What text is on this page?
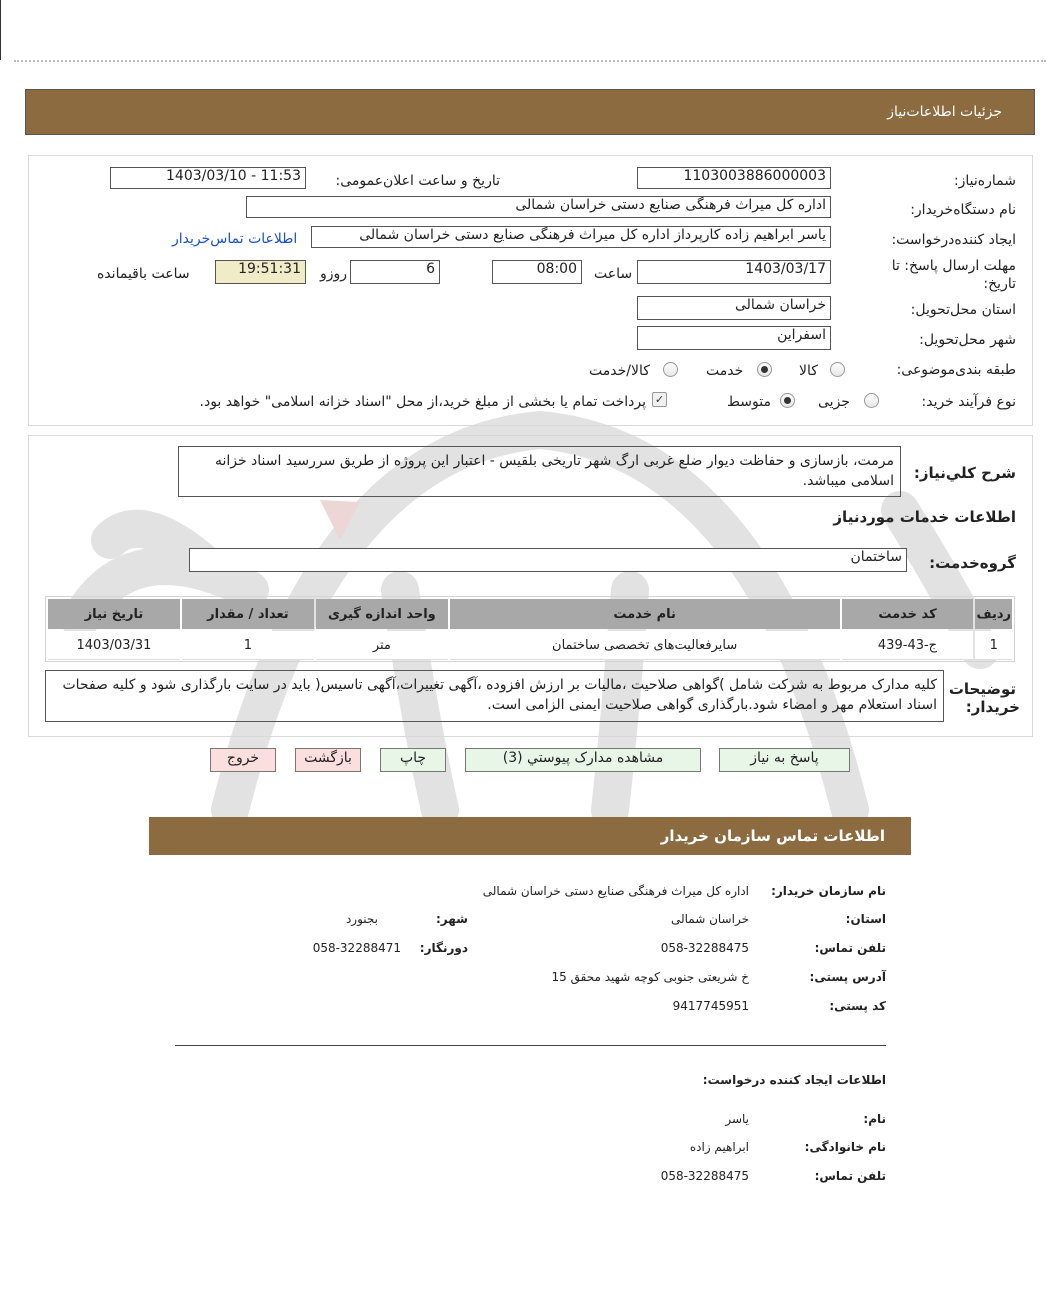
جزئیات اطلاعات‌نیاز
شماره‌نیاز:
1103003886000003
تاریخ و ساعت اعلان‌عمومی:
1403/03/10 - 11:53
نام دستگاه‌خریدار:
اداره کل میراث فرهنگی صنایع دستی خراسان شمالی
ایجاد کننده‌درخواست:
یاسر ابراهیم زاده کارپرداز اداره کل میراث فرهنگی صنایع دستی خراسان شمالی
اطلاعات تماس‌خریدار
مهلت ارسال پاسخ: تا
تاریخ:
1403/03/17
ساعت
08:00
6
روزو
19:51:31
ساعت باقیمانده
استان محل‌تحویل:
خراسان شمالی
شهر محل‌تحویل:
اسفراین
طبقه بندی‌موضوعی:
کالا
خدمت
کالا/خدمت
نوع فرآیند خرید:
جزیی
متوسط
✓
پرداخت تمام یا بخشی از مبلغ خرید،از محل "اسناد خزانه اسلامی" خواهد بود.
شرح کلي‌نیاز:
مرمت، بازسازی و حفاظت دیوار ضلع غربی ارگ شهر تاریخی بلقیس - اعتبار این پروژه از طریق سررسید اسناد خزانه اسلامی میباشد.
اطلاعات خدمات موردنیاز
گروه‌خدمت:
ساختمان
ردیف	کد خدمت	نام خدمت	واحد اندازه گیری	تعداد / مقدار	تاریخ نیاز
1	ج-43-439	سایرفعالیت‌های تخصصی ساختمان	متر	1	1403/03/31
توضیحات
خریدار:
کلیه مدارک مربوط به شرکت شامل )گواهی صلاحیت ،مالیات بر ارزش افزوده ،آگهی تغییرات،آگهی تاسیس( باید در سایت بارگذاری شود و کلیه صفحات اسناد استعلام مهر و امضاء شود.بارگذاری گواهی صلاحیت ایمنی الزامی است.
پاسخ به نیاز
مشاهده مدارک پیوستي (3)
چاپ
بازگشت
خروج
اطلاعات تماس سازمان خریدار
نام سازمان خریدار:
اداره کل میراث فرهنگی صنایع دستی خراسان شمالی
استان:
خراسان شمالی
شهر:
بجنورد
تلفن تماس:
058-32288475
دورنگار:
058-32288471
آدرس پستی:
خ شریعتی جنوبی کوچه شهید محقق 15
کد پستی:
9417745951
اطلاعات ایجاد کننده درخواست:
نام:
یاسر
نام خانوادگی:
ابراهیم زاده
تلفن تماس:
058-32288475
